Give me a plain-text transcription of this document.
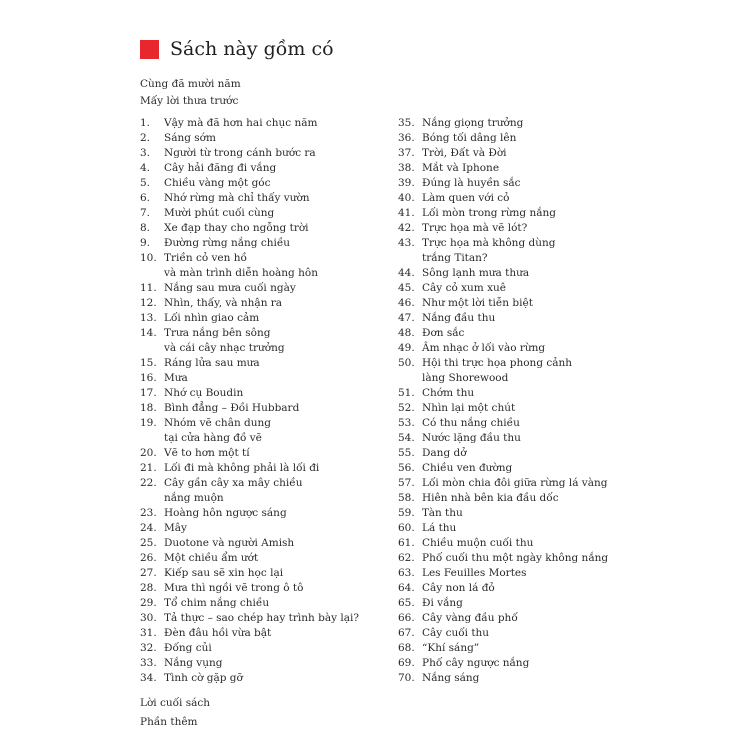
Sách này gồm có
Cùng đã mười năm
Mấy lời thưa trước
1.	Vậy mà đã hơn hai chục năm
2.	Sáng sớm
3.	Người từ trong cánh bước ra
4.	Cây hải đăng đi vắng
5.	Chiều vàng một góc
6.	Nhớ rừng mà chỉ thấy vườn
7.	Mười phút cuối cùng
8.	Xe đạp thay cho ngỗng trời
9.	Đường rừng nắng chiều
10. Triền cỏ ven hồ
và màn trình diễn hoàng hôn
11. Nắng sau mưa cuối ngày
12. Nhìn, thấy, và nhận ra
13. Lối nhìn giao cảm
14. Trưa nắng bên sông
và cái cây nhạc trưởng
15. Ráng lửa sau mưa
16. Mưa
17. Nhớ cụ Boudin
18. Bình đẳng – Đồi Hubbard
19. Nhóm vẽ chân dung
tại cửa hàng đồ vẽ
20. Vẽ to hơn một tí
21. Lối đi mà không phải là lối đi
22. Cây gần cây xa mây chiều
nắng muộn
23. Hoàng hôn ngược sáng
24. Mây
25. Duotone và người Amish
26. Một chiều ẩm ướt
27. Kiếp sau sẽ xin học lại
28. Mưa thì ngồi vẽ trong ô tô
29. Tổ chim nắng chiều
30. Tả thực – sao chép hay trình bày lại?
31. Đèn đâu hồi vừa bật
32. Đống củi
33. Nắng vụng
34. Tình cờ gặp gỡ
35. Nắng giọng trưởng
36. Bóng tối dâng lên
37. Trời, Đất và Đời
38. Mắt và Iphone
39. Đúng là huyền sắc
40. Làm quen với cỏ
41. Lối mòn trong rừng nắng
42. Trực họa mà vẽ lót?
43. Trực họa mà không dùng
trắng Titan?
44. Sông lạnh mưa thưa
45. Cây cỏ xum xuê
46. Như một lời tiễn biệt
47. Nắng đầu thu
48. Đơn sắc
49. Âm nhạc ở lối vào rừng
50. Hội thi trực họa phong cảnh
làng Shorewood
51. Chớm thu
52. Nhìn lại một chút
53. Có thu nắng chiều
54. Nước lặng đầu thu
55. Dang dở
56. Chiều ven đường
57. Lối mòn chia đôi giữa rừng lá vàng
58. Hiên nhà bên kia đầu dốc
59. Tàn thu
60. Lá thu
61. Chiều muộn cuối thu
62. Phố cuối thu một ngày không nắng
63. Les Feuilles Mortes
64. Cây non lá đỏ
65. Đi vắng
66. Cây vàng đầu phố
67. Cây cuối thu
68. “Khí sáng”
69. Phố cây ngược nắng
70. Nắng sáng
Lời cuối sách
Phần thêm
